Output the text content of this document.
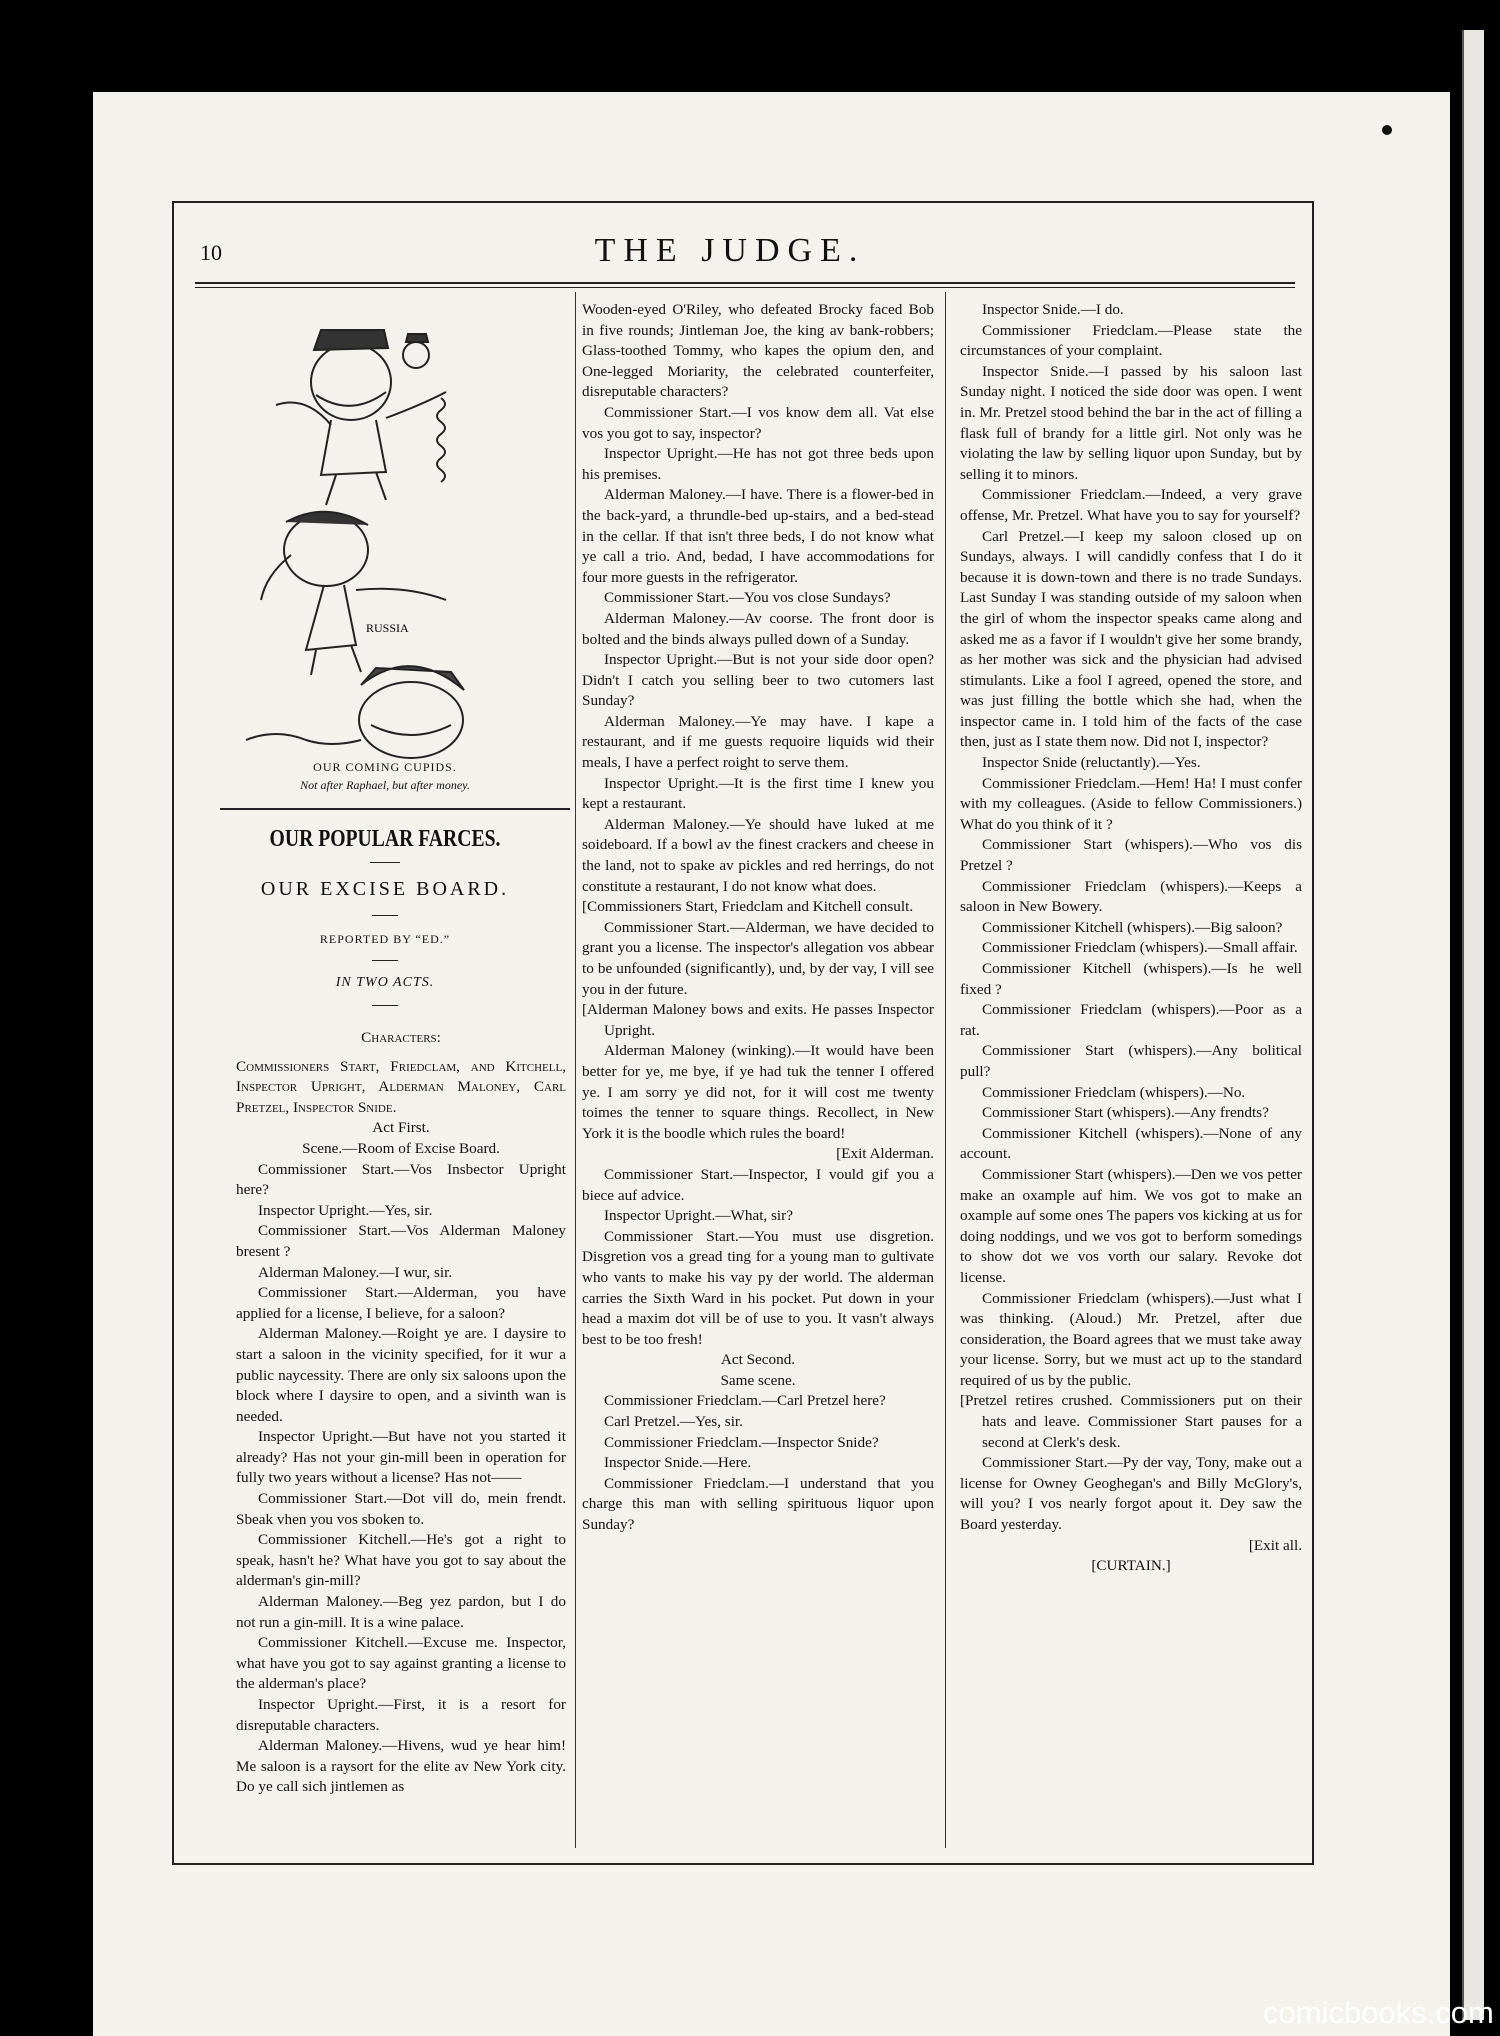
10	THE JUDGE.
RUSSIA
OUR COMING CUPIDS.
Not after Raphael, but after money.
OUR POPULAR FARCES.
OUR EXCISE BOARD.
REPORTED BY “ED.”
IN TWO ACTS.

Characters:

Commissioners Start, Friedclam, and Kitchell, Inspector Upright, Alderman Maloney, Carl Pretzel, Inspector Snide.

Act First.

Scene.—Room of Excise Board.

Commissioner Start.—Vos Insbector Upright here?

Inspector Upright.—Yes, sir.

Commissioner Start.—Vos Alderman Maloney bresent ?

Alderman Maloney.—I wur, sir.

Commissioner Start.—Alderman, you have applied for a license, I believe, for a saloon?

Alderman Maloney.—Roight ye are. I daysire to start a saloon in the vicinity specified, for it wur a public naycessity. There are only six saloons upon the block where I daysire to open, and a sivinth wan is needed.

Inspector Upright.—But have not you started it already? Has not your gin-mill been in operation for fully two years without a license? Has not——

Commissioner Start.—Dot vill do, mein frendt. Sbeak vhen you vos sboken to.

Commissioner Kitchell.—He's got a right to speak, hasn't he? What have you got to say about the alderman's gin-mill?

Alderman Maloney.—Beg yez pardon, but I do not run a gin-mill. It is a wine palace.

Commissioner Kitchell.—Excuse me. Inspector, what have you got to say against granting a license to the alderman's place?

Inspector Upright.—First, it is a resort for disreputable characters.

Alderman Maloney.—Hivens, wud ye hear him! Me saloon is a raysort for the elite av New York city. Do ye call sich jintlemen as

Wooden-eyed O'Riley, who defeated Brocky faced Bob in five rounds; Jintleman Joe, the king av bank-robbers; Glass-toothed Tommy, who kapes the opium den, and One-legged Moriarity, the celebrated counterfeiter, disreputable characters?

Commissioner Start.—I vos know dem all. Vat else vos you got to say, inspector?

Inspector Upright.—He has not got three beds upon his premises.

Alderman Maloney.—I have. There is a flower-bed in the back-yard, a thrundle-bed up-stairs, and a bed-stead in the cellar. If that isn't three beds, I do not know what ye call a trio. And, bedad, I have accommodations for four more guests in the refrigerator.

Commissioner Start.—You vos close Sundays?

Alderman Maloney.—Av coorse. The front door is bolted and the binds always pulled down of a Sunday.

Inspector Upright.—But is not your side door open? Didn't I catch you selling beer to two cutomers last Sunday?

Alderman Maloney.—Ye may have. I kape a restaurant, and if me guests requoire liquids wid their meals, I have a perfect roight to serve them.

Inspector Upright.—It is the first time I knew you kept a restaurant.

Alderman Maloney.—Ye should have luked at me soideboard. If a bowl av the finest crackers and cheese in the land, not to spake av pickles and red herrings, do not constitute a restaurant, I do not know what does.

[Commissioners Start, Friedclam and Kitchell consult.

Commissioner Start.—Alderman, we have decided to grant you a license. The inspector's allegation vos abbear to be unfounded (significantly), und, by der vay, I vill see you in der future.

[Alderman Maloney bows and exits. He passes Inspector Upright.

Alderman Maloney (winking).—It would have been better for ye, me bye, if ye had tuk the tenner I offered ye. I am sorry ye did not, for it will cost me twenty toimes the tenner to square things. Recollect, in New York it is the boodle which rules the board!

[Exit Alderman.

Commissioner Start.—Inspector, I vould gif you a biece auf advice.

Inspector Upright.—What, sir?

Commissioner Start.—You must use disgretion. Disgretion vos a gread ting for a young man to gultivate who vants to make his vay py der world. The alderman carries the Sixth Ward in his pocket. Put down in your head a maxim dot vill be of use to you. It vasn't always best to be too fresh!

Act Second.

Same scene.

Commissioner Friedclam.—Carl Pretzel here?

Carl Pretzel.—Yes, sir.

Commissioner Friedclam.—Inspector Snide?

Inspector Snide.—Here.

Commissioner Friedclam.—I understand that you charge this man with selling spirituous liquor upon Sunday?

Inspector Snide.—I do.

Commissioner Friedclam.—Please state the circumstances of your complaint.

Inspector Snide.—I passed by his saloon last Sunday night. I noticed the side door was open. I went in. Mr. Pretzel stood behind the bar in the act of filling a flask full of brandy for a little girl. Not only was he violating the law by selling liquor upon Sunday, but by selling it to minors.

Commissioner Friedclam.—Indeed, a very grave offense, Mr. Pretzel. What have you to say for yourself?

Carl Pretzel.—I keep my saloon closed up on Sundays, always. I will candidly confess that I do it because it is down-town and there is no trade Sundays. Last Sunday I was standing outside of my saloon when the girl of whom the inspector speaks came along and asked me as a favor if I wouldn't give her some brandy, as her mother was sick and the physician had advised stimulants. Like a fool I agreed, opened the store, and was just filling the bottle which she had, when the inspector came in. I told him of the facts of the case then, just as I state them now. Did not I, inspector?

Inspector Snide (reluctantly).—Yes.

Commissioner Friedclam.—Hem! Ha! I must confer with my colleagues. (Aside to fellow Commissioners.) What do you think of it ?

Commissioner Start (whispers).—Who vos dis Pretzel ?

Commissioner Friedclam (whispers).—Keeps a saloon in New Bowery.

Commissioner Kitchell (whispers).—Big saloon?

Commissioner Friedclam (whispers).—Small affair.

Commissioner Kitchell (whispers).—Is he well fixed ?

Commissioner Friedclam (whispers).—Poor as a rat.

Commissioner Start (whispers).—Any bolitical pull?

Commissioner Friedclam (whispers).—No.

Commissioner Start (whispers).—Any frendts?

Commissioner Kitchell (whispers).—None of any account.

Commissioner Start (whispers).—Den we vos petter make an oxample auf him. We vos got to make an oxample auf some ones The papers vos kicking at us for doing noddings, und we vos got to berform somedings to show dot we vos vorth our salary. Revoke dot license.

Commissioner Friedclam (whispers).—Just what I was thinking. (Aloud.) Mr. Pretzel, after due consideration, the Board agrees that we must take away your license. Sorry, but we must act up to the standard required of us by the public.

[Pretzel retires crushed. Commissioners put on their hats and leave. Commissioner Start pauses for a second at Clerk's desk.

Commissioner Start.—Py der vay, Tony, make out a license for Owney Geoghegan's and Billy McGlory's, will you? I vos nearly forgot apout it. Dey saw the Board yesterday.

[Exit all.

[CURTAIN.]

comicbooks.com
